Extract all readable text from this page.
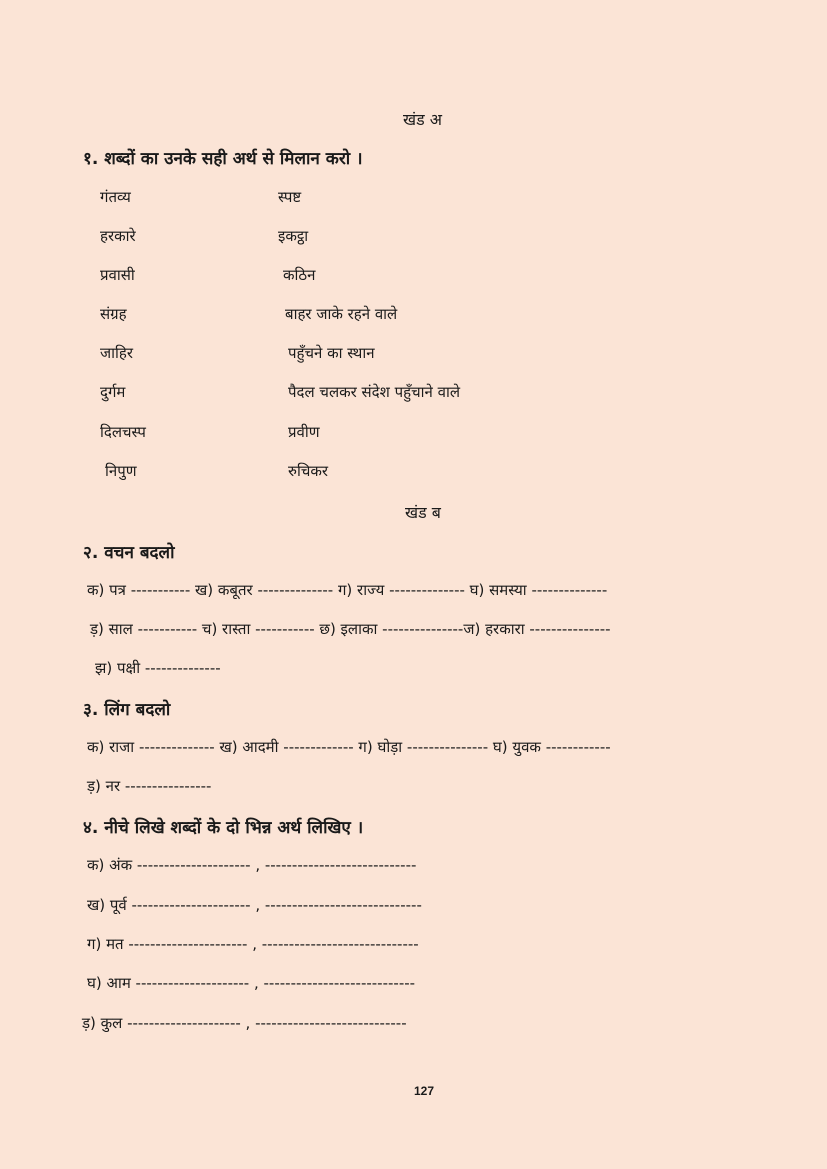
खंड अ
१. शब्दों का उनके सही अर्थ से मिलान करो ।
गंतव्य	स्पष्ट
हरकारे	इकट्ठा
प्रवासी	कठिन
संग्रह	बाहर जाके रहने वाले
जाहिर	पहुँचने का स्थान
दुर्गम	पैदल चलकर संदेश पहुँचाने वाले
दिलचस्प	प्रवीण
निपुण	रुचिकर
खंड ब
२. वचन बदलो
क) पत्र ----------- ख) कबूतर -------------- ग) राज्य -------------- घ) समस्या --------------
ड़) साल ----------- च) रास्ता ----------- छ) इलाका ---------------ज) हरकारा ---------------
झ) पक्षी --------------
३. लिंग बदलो
क) राजा -------------- ख) आदमी ------------- ग) घोड़ा --------------- घ) युवक ------------
ड़) नर ----------------
४. नीचे लिखे शब्दों के दो भिन्न अर्थ लिखिए ।
क) अंक --------------------- , ----------------------------
ख) पूर्व ---------------------- , -----------------------------
ग) मत ---------------------- , -----------------------------
घ) आम --------------------- , ----------------------------
ड़) कुल --------------------- , ----------------------------
127
